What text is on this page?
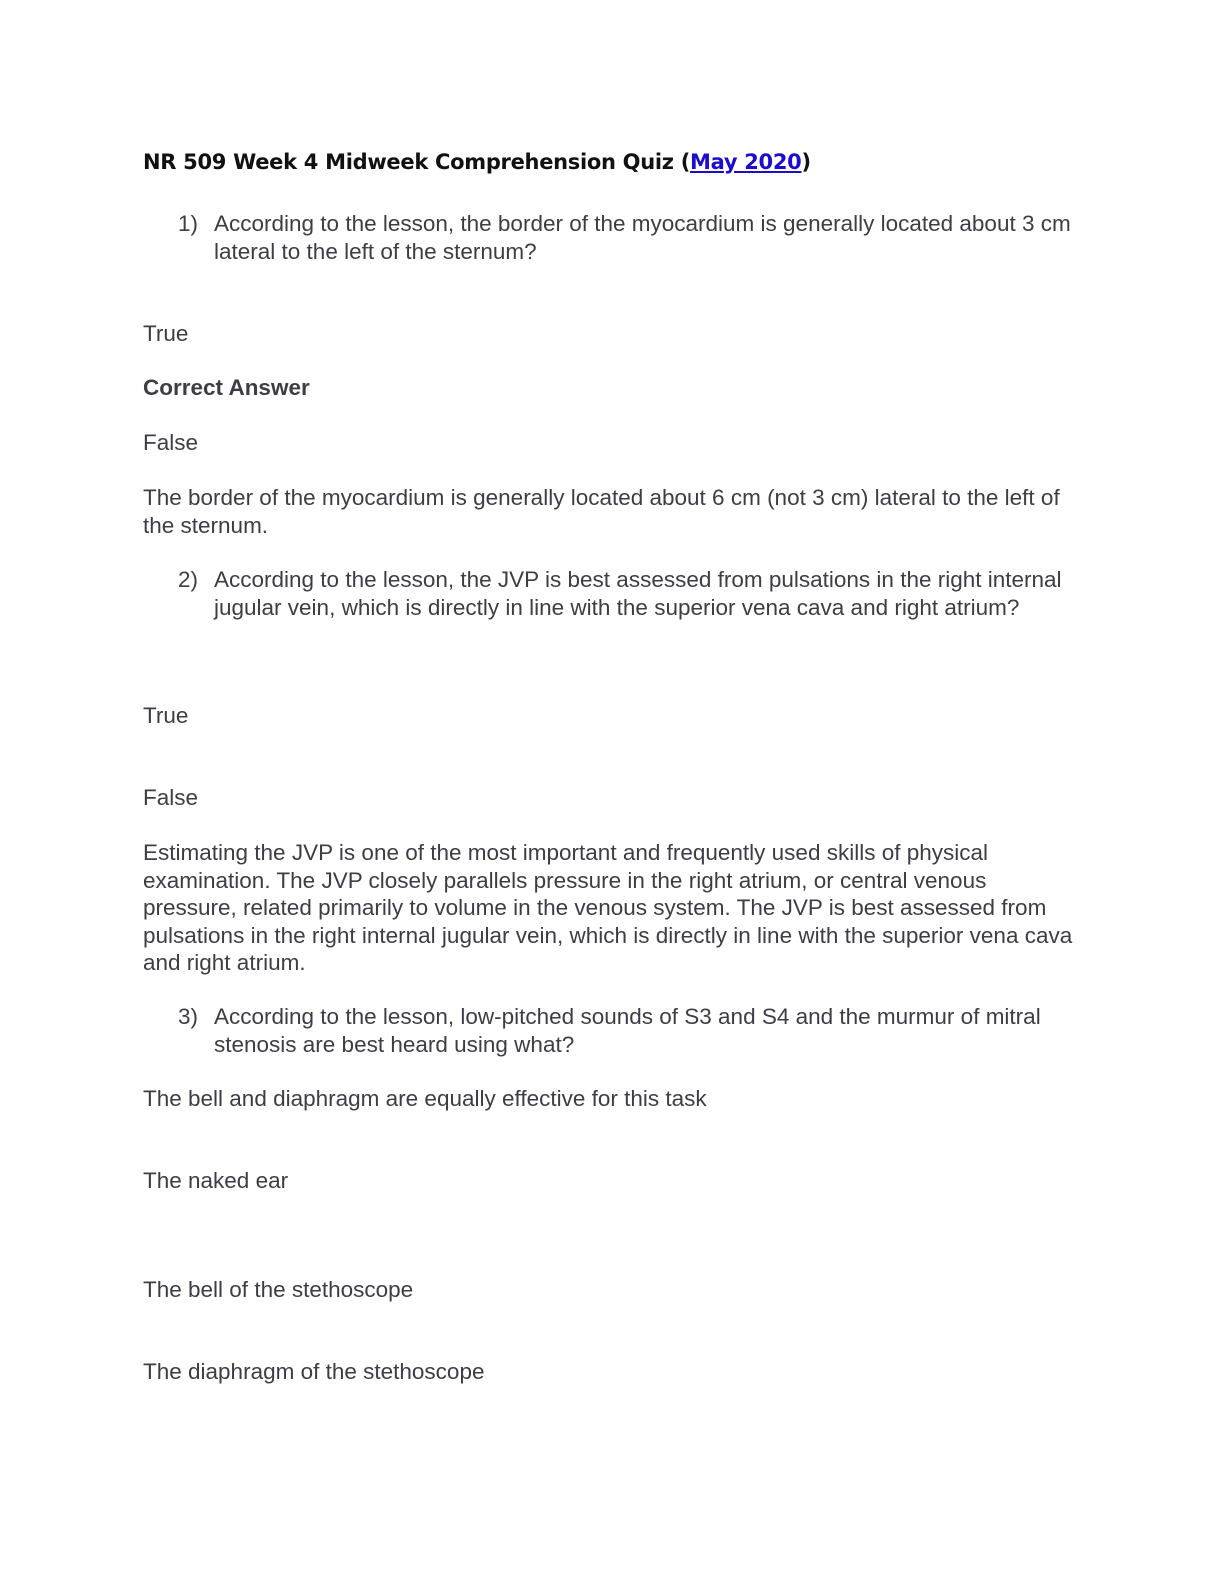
NR 509 Week 4 Midweek Comprehension Quiz (May 2020)
1) According to the lesson, the border of the myocardium is generally located about 3 cm lateral to the left of the sternum?
True
Correct Answer
False
The border of the myocardium is generally located about 6 cm (not 3 cm) lateral to the left of the sternum.
2) According to the lesson, the JVP is best assessed from pulsations in the right internal jugular vein, which is directly in line with the superior vena cava and right atrium?
True
False
Estimating the JVP is one of the most important and frequently used skills of physical examination. The JVP closely parallels pressure in the right atrium, or central venous pressure, related primarily to volume in the venous system. The JVP is best assessed from pulsations in the right internal jugular vein, which is directly in line with the superior vena cava and right atrium.
3) According to the lesson, low-pitched sounds of S3 and S4 and the murmur of mitral stenosis are best heard using what?
The bell and diaphragm are equally effective for this task
The naked ear
The bell of the stethoscope
The diaphragm of the stethoscope
